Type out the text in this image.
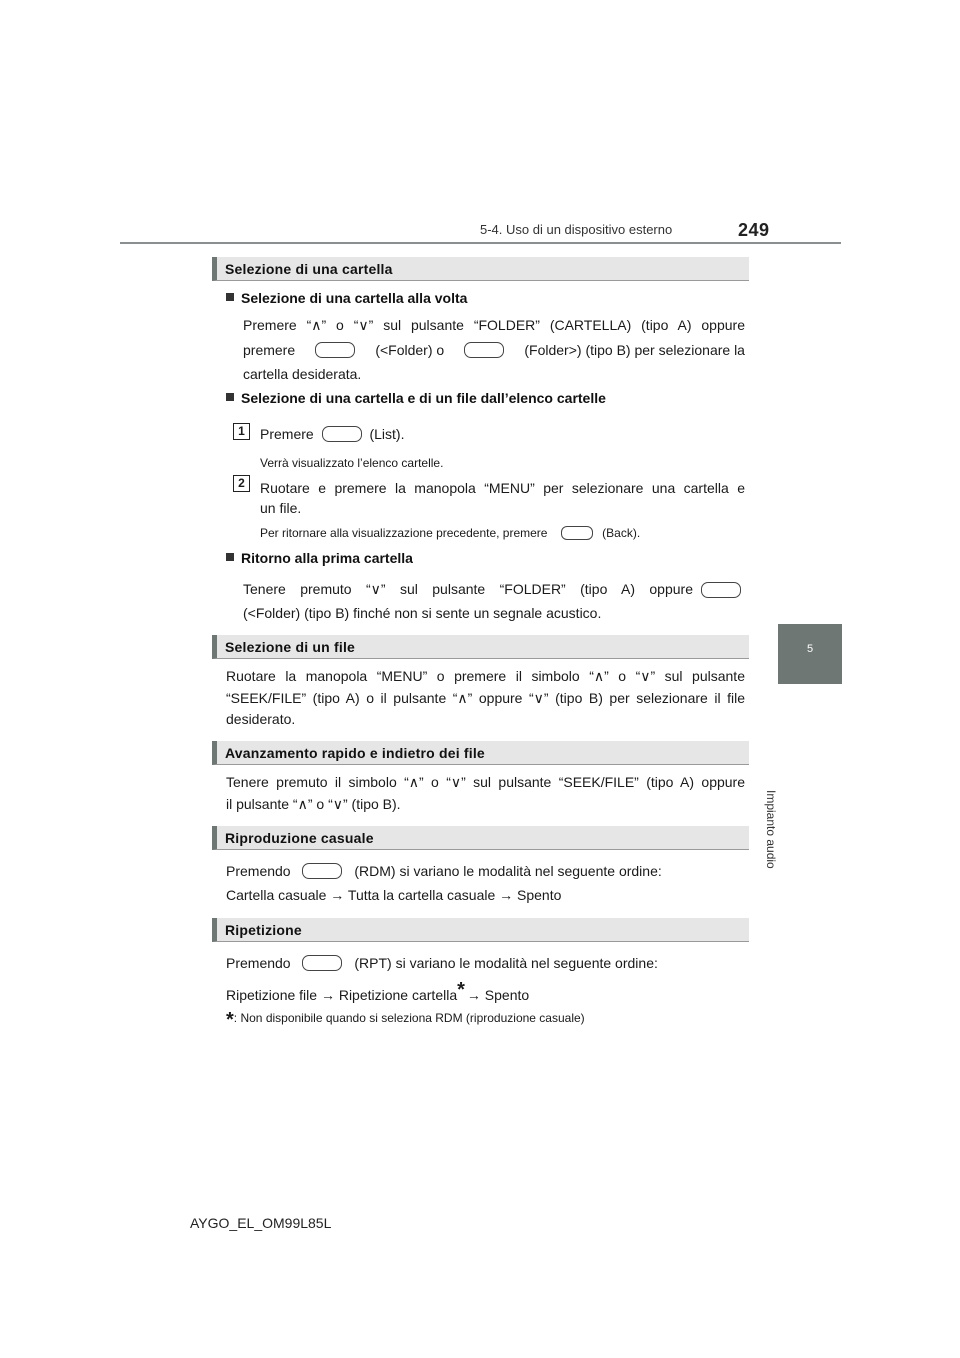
5-4. Uso di un dispositivo esterno	249
5
Impianto audio
Selezione di una cartella
Selezione di una cartella alla volta
Premere “∧” o “∨” sul pulsante “FOLDER” (CARTELLA) (tipo A) oppure
premere	(<Folder) o	(Folder>) (tipo B) per selezionare la
cartella desiderata.
Selezione di una cartella e di un file dall’elenco cartelle
1	Premere	(List).
Verrà visualizzato l’elenco cartelle.
2	Ruotare e premere la manopola “MENU” per selezionare una cartella e
un file.
Per ritornare alla visualizzazione precedente, premere	(Back).
Ritorno alla prima cartella
Tenere premuto “∨” sul pulsante “FOLDER” (tipo A) oppure
(<Folder) (tipo B) finché non si sente un segnale acustico.
Selezione di un file
Ruotare la manopola “MENU” o premere il simbolo “∧” o “∨” sul pulsante
“SEEK/FILE” (tipo A) o il pulsante “∧” oppure “∨” (tipo B) per selezionare il file
desiderato.
Avanzamento rapido e indietro dei file
Tenere premuto il simbolo “∧” o “∨” sul pulsante “SEEK/FILE” (tipo A) oppure
il pulsante “∧” o “∨” (tipo B).
Riproduzione casuale
Premendo	(RDM) si variano le modalità nel seguente ordine:
Cartella casuale → Tutta la cartella casuale → Spento
Ripetizione
Premendo	(RPT) si variano le modalità nel seguente ordine:
Ripetizione file → Ripetizione cartella* → Spento
*: Non disponibile quando si seleziona RDM (riproduzione casuale)
AYGO_EL_OM99L85L
